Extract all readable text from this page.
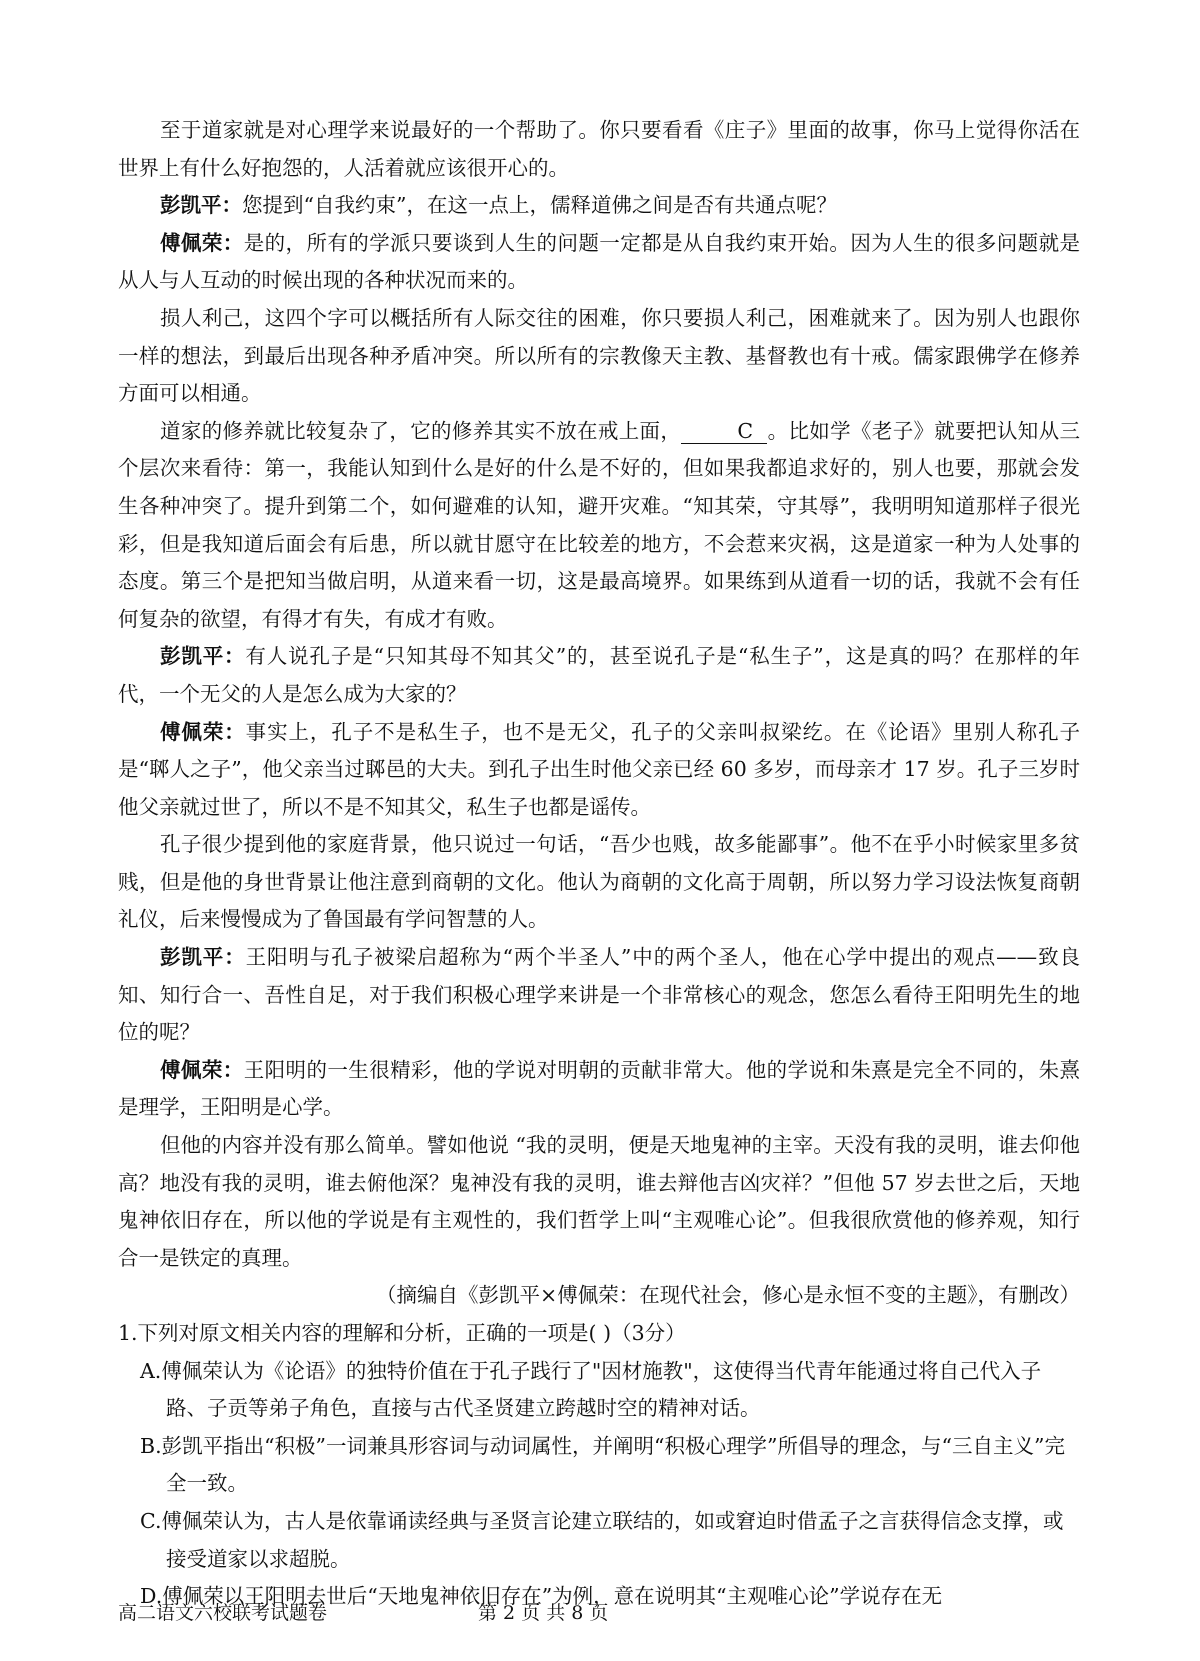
至于道家就是对心理学来说最好的一个帮助了。你只要看看《庄子》里面的故事，你马上觉得你活在世界上有什么好抱怨的，人活着就应该很开心的。

彭凯平：您提到“自我约束”，在这一点上，儒释道佛之间是否有共通点呢？

傅佩荣：是的，所有的学派只要谈到人生的问题一定都是从自我约束开始。因为人生的很多问题就是从人与人互动的时候出现的各种状况而来的。

损人利己，这四个字可以概括所有人际交往的困难，你只要损人利己，困难就来了。因为别人也跟你一样的想法，到最后出现各种矛盾冲突。所以所有的宗教像天主教、基督教也有十戒。儒家跟佛学在修养方面可以相通。

道家的修养就比较复杂了，它的修养其实不放在戒上面，	C 。比如学《老子》就要把认知从三个层次来看待：第一，我能认知到什么是好的什么是不好的，但如果我都追求好的，别人也要，那就会发生各种冲突了。提升到第二个，如何避难的认知，避开灾难。“知其荣，守其辱”，我明明知道那样子很光彩，但是我知道后面会有后患，所以就甘愿守在比较差的地方，不会惹来灾祸，这是道家一种为人处事的态度。第三个是把知当做启明，从道来看一切，这是最高境界。如果练到从道看一切的话，我就不会有任何复杂的欲望，有得才有失，有成才有败。

彭凯平：有人说孔子是“只知其母不知其父”的，甚至说孔子是“私生子”，这是真的吗？在那样的年代，一个无父的人是怎么成为大家的？

傅佩荣：事实上，孔子不是私生子，也不是无父，孔子的父亲叫叔梁纥。在《论语》里别人称孔子是“郰人之子”，他父亲当过郰邑的大夫。到孔子出生时他父亲已经 60 多岁，而母亲才 17 岁。孔子三岁时他父亲就过世了，所以不是不知其父，私生子也都是谣传。

孔子很少提到他的家庭背景，他只说过一句话，“吾少也贱，故多能鄙事”。他不在乎小时候家里多贫贱，但是他的身世背景让他注意到商朝的文化。他认为商朝的文化高于周朝，所以努力学习设法恢复商朝礼仪，后来慢慢成为了鲁国最有学问智慧的人。

彭凯平：王阳明与孔子被梁启超称为“两个半圣人”中的两个圣人，他在心学中提出的观点——致良知、知行合一、吾性自足，对于我们积极心理学来讲是一个非常核心的观念，您怎么看待王阳明先生的地位的呢？

傅佩荣：王阳明的一生很精彩，他的学说对明朝的贡献非常大。他的学说和朱熹是完全不同的，朱熹是理学，王阳明是心学。

但他的内容并没有那么简单。譬如他说 “我的灵明，便是天地鬼神的主宰。天没有我的灵明，谁去仰他高？地没有我的灵明，谁去俯他深？鬼神没有我的灵明，谁去辩他吉凶灾祥？”但他 57 岁去世之后，天地鬼神依旧存在，所以他的学说是有主观性的，我们哲学上叫“主观唯心论”。但我很欣赏他的修养观，知行合一是铁定的真理。

（摘编自《彭凯平×傅佩荣：在现代社会，修心是永恒不变的主题》，有删改）

1.下列对原文相关内容的理解和分析，正确的一项是( )（3分）

A.傅佩荣认为《论语》的独特价值在于孔子践行了"因材施教"，这使得当代青年能通过将自己代入子路、子贡等弟子角色，直接与古代圣贤建立跨越时空的精神对话。

B.彭凯平指出“积极”一词兼具形容词与动词属性，并阐明“积极心理学”所倡导的理念，与“三自主义”完全一致。

C.傅佩荣认为，古人是依靠诵读经典与圣贤言论建立联结的，如或窘迫时借孟子之言获得信念支撑，或接受道家以求超脱。

D.傅佩荣以王阳明去世后“天地鬼神依旧存在”为例，意在说明其“主观唯心论”学说存在无

高二语文六校联考试题卷	第 2 页 共 8 页
